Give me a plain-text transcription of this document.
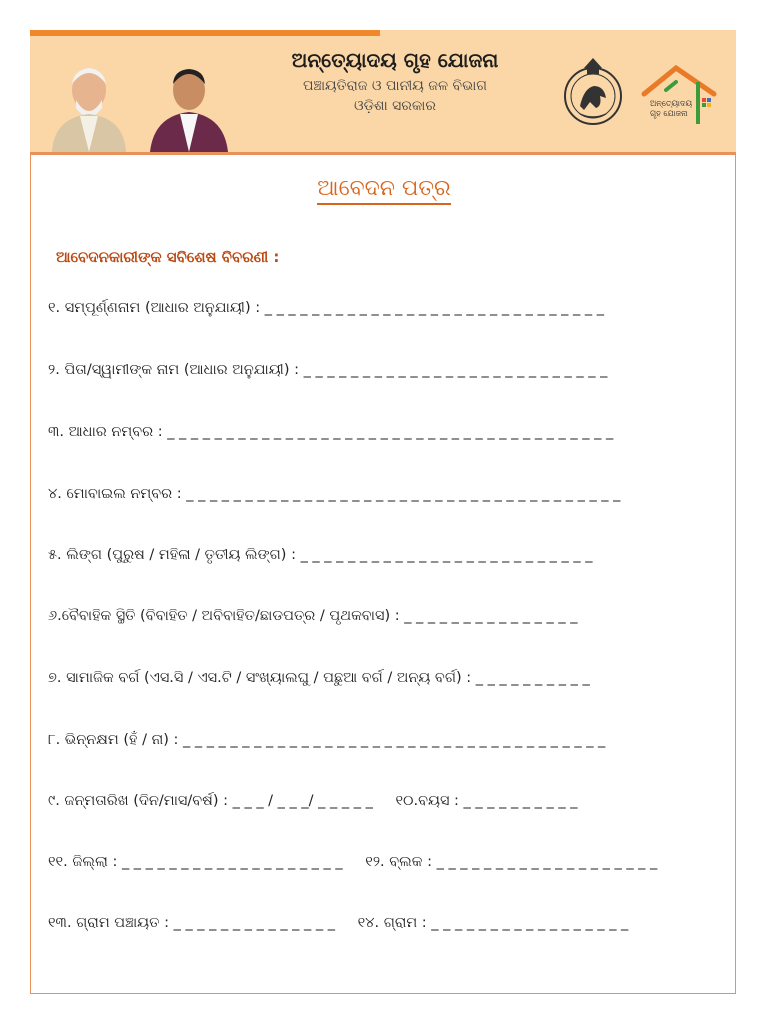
ଅନ୍ତ୍ୟୋଦୟ ଗୃହ ଯୋଜନା
ପଞ୍ଚାୟତିରାଜ ଓ ପାନୀୟ ଜଳ ବିଭାଗ
ଓଡ଼ିଶା ସରକାର	ଅନ୍ତ୍ୟୋଦୟ
ଗୃହ ଯୋଜନା
ଆବେଦନ ପତ୍ର
ଆବେଦନକାରୀଙ୍କ ସବିଶେଷ ବିବରଣୀ :
୧. ସମ୍ପୂର୍ଣ୍ଣନାମ (ଆଧାର ଅନୁଯାୟୀ) : _ _ _ _ _ _ _ _ _ _ _ _ _ _ _ _ _ _ _ _ _ _ _ _ _ _ _ _ _
୨. ପିତା/ସ୍ୱାମୀଙ୍କ ନାମ (ଆଧାର ଅନୁଯାୟୀ) : _ _ _ _ _ _ _ _ _ _ _ _ _ _ _ _ _ _ _ _ _ _ _ _ _ _
୩. ଆଧାର ନମ୍ବର : _ _ _ _ _ _ _ _ _ _ _ _ _ _ _ _ _ _ _ _ _ _ _ _ _ _ _ _ _ _ _ _ _ _ _ _ _ _
୪. ମୋବାଇଲ ନମ୍ବର : _ _ _ _ _ _ _ _ _ _ _ _ _ _ _ _ _ _ _ _ _ _ _ _ _ _ _ _ _ _ _ _ _ _ _ _ _
୫. ଲିଙ୍ଗ (ପୁରୁଷ / ମହିଳା / ତୃତୀୟ ଲିଙ୍ଗ) : _ _ _ _ _ _ _ _ _ _ _ _ _ _ _ _ _ _ _ _ _ _ _ _ _
୬.ବୈବାହିକ ସ୍ଥିତି (ବିବାହିତ / ଅବିବାହିତ/ଛାଡପତ୍ର / ପୃଥକବାସ) : _ _ _ _ _ _ _ _ _ _ _ _ _ _ _
୭. ସାମାଜିକ ବର୍ଗ (ଏସ.ସି / ଏସ.ଟି / ସଂଖ୍ୟାଲଘୁ / ପଛୁଆ ବର୍ଗ / ଅନ୍ୟ ବର୍ଗ) : _ _ _ _ _ _ _ _ _ _
୮. ଭିନ୍ନକ୍ଷମ (ହଁ / ନା) : _ _ _ _ _ _ _ _ _ _ _ _ _ _ _ _ _ _ _ _ _ _ _ _ _ _ _ _ _ _ _ _ _ _ _ _
୯. ଜନ୍ମତାରିଖ (ଦିନ/ମାସ/ବର୍ଷ) : _ _ _ / _ _ _/ _ _ _ _ _ ୧୦.ବୟସ : _ _ _ _ _ _ _ _ _ _
୧୧. ଜିଲ୍ଲା : _ _ _ _ _ _ _ _ _ _ _ _ _ _ _ _ _ _ _ ୧୨. ବ୍ଲକ : _ _ _ _ _ _ _ _ _ _ _ _ _ _ _ _ _ _ _
୧୩. ଗ୍ରାମ ପଞ୍ଚାୟତ : _ _ _ _ _ _ _ _ _ _ _ _ _ _ ୧୪. ଗ୍ରାମ : _ _ _ _ _ _ _ _ _ _ _ _ _ _ _ _ _
